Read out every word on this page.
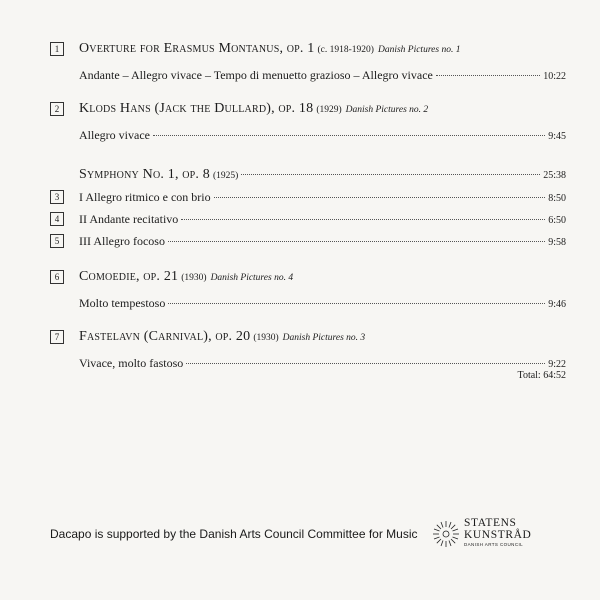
1	Overture for Erasmus Montanus, op. 1 (c. 1918-1920) Danish Pictures no. 1
Andante – Allegro vivace – Tempo di menuetto grazioso – Allegro vivace	10:22
2	Klods Hans (Jack the Dullard), op. 18 (1929) Danish Pictures no. 2
Allegro vivace	9:45
Symphony No. 1, op. 8 (1925)	25:38
3	I Allegro ritmico e con brio	8:50
4	II Andante recitativo	6:50
5	III Allegro focoso	9:58
6	Comoedie, op. 21 (1930) Danish Pictures no. 4
Molto tempestoso	9:46
7	Fastelavn (Carnival), op. 20 (1930) Danish Pictures no. 3
Vivace, molto fastoso	9:22
Total: 64:52
Dacapo is supported by the Danish Arts Council Committee for Music
STATENS
KUNSTRÅD
DANISH ARTS COUNCIL
